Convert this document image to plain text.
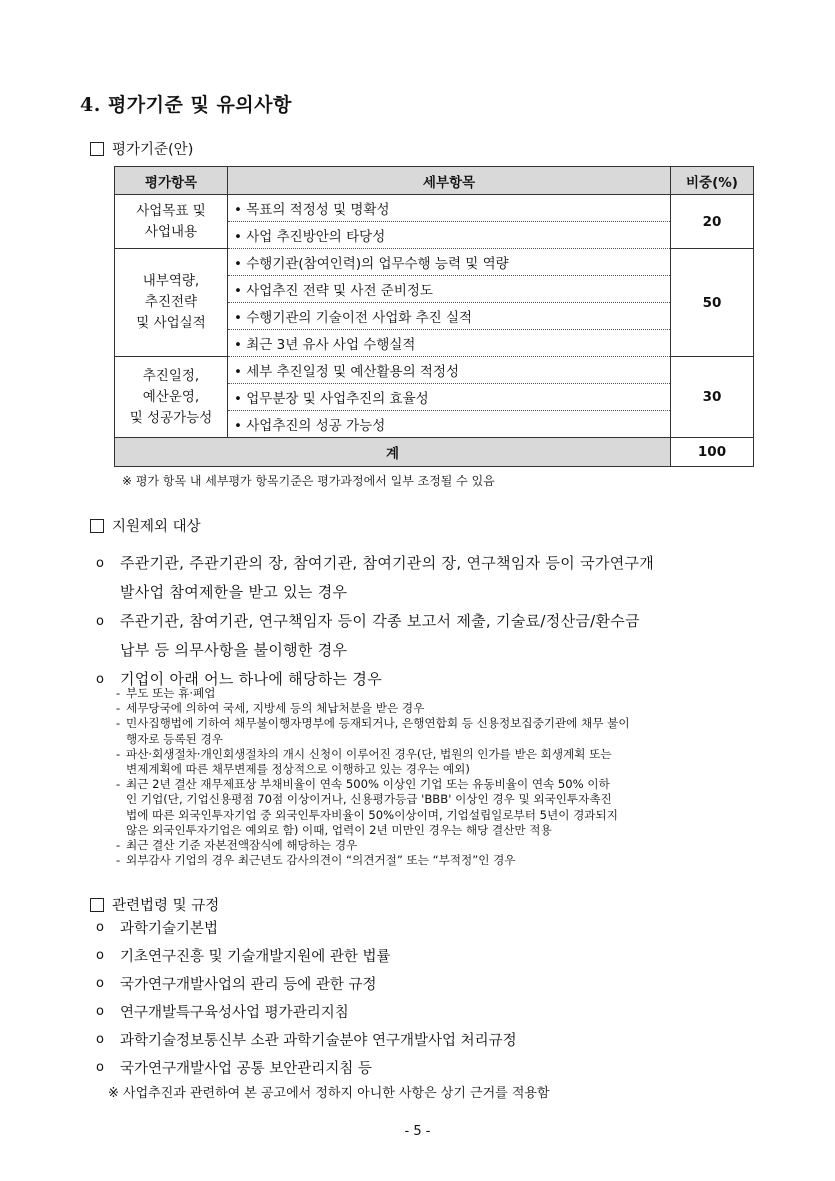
4. 평가기준 및 유의사항
평가기준(안)
평가항목	세부항목	비중(%)

사업목표 및
사업내용	• 목표의 적정성 및 명확성	20
	• 사업 추진방안의 타당성	

내부역량,
추진전략
및 사업실적	• 수행기관(참여인력)의 업무수행 능력 및 역량	50
	• 사업추진 전략 및 사전 준비정도	
	• 수행기관의 기술이전 사업화 추진 실적	
	• 최근 3년 유사 사업 수행실적	

추진일정,
예산운영,
및 성공가능성	• 세부 추진일정 및 예산활용의 적정성	30
	• 업무분장 및 사업추진의 효율성	
	• 사업추진의 성공 가능성	
계		100
※ 평가 항목 내 세부평가 항목기준은 평가과정에서 일부 조정될 수 있음
지원제외 대상
o	주관기관, 주관기관의 장, 참여기관, 참여기관의 장, 연구책임자 등이 국가연구개
발사업 참여제한을 받고 있는 경우
o	주관기관, 참여기관, 연구책임자 등이 각종 보고서 제출, 기술료/정산금/환수금
납부 등 의무사항을 불이행한 경우
o	기업이 아래 어느 하나에 해당하는 경우
- 부도 또는 휴·폐업
- 세무당국에 의하여 국세, 지방세 등의 체납처분을 받은 경우
- 민사집행법에 기하여 채무불이행자명부에 등재되거나, 은행연합회 등 신용정보집중기관에 채무 불이
행자로 등록된 경우
- 파산·회생절차·개인회생절차의 개시 신청이 이루어진 경우(단, 법원의 인가를 받은 회생계획 또는
변제계획에 따른 채무변제를 정상적으로 이행하고 있는 경우는 예외)
- 최근 2년 결산 재무제표상 부채비율이 연속 500% 이상인 기업 또는 유동비율이 연속 50% 이하
인 기업(단, 기업신용평점 70점 이상이거나, 신용평가등급 'BBB' 이상인 경우 및 외국인투자촉진
법에 따른 외국인투자기업 중 외국인투자비율이 50%이상이며, 기업설립일로부터 5년이 경과되지
않은 외국인투자기업은 예외로 함) 이때, 업력이 2년 미만인 경우는 해당 결산만 적용
- 최근 결산 기준 자본전액잠식에 해당하는 경우
- 외부감사 기업의 경우 최근년도 감사의견이 “의견거절” 또는 “부적정”인 경우
관련법령 및 규정
o	과학기술기본법
o	기초연구진흥 및 기술개발지원에 관한 법률
o	국가연구개발사업의 관리 등에 관한 규정
o	연구개발특구육성사업 평가관리지침
o	과학기술정보통신부 소관 과학기술분야 연구개발사업 처리규정
o	국가연구개발사업 공통 보안관리지침 등
※ 사업추진과 관련하여 본 공고에서 정하지 아니한 사항은 상기 근거를 적용함
- 5 -
